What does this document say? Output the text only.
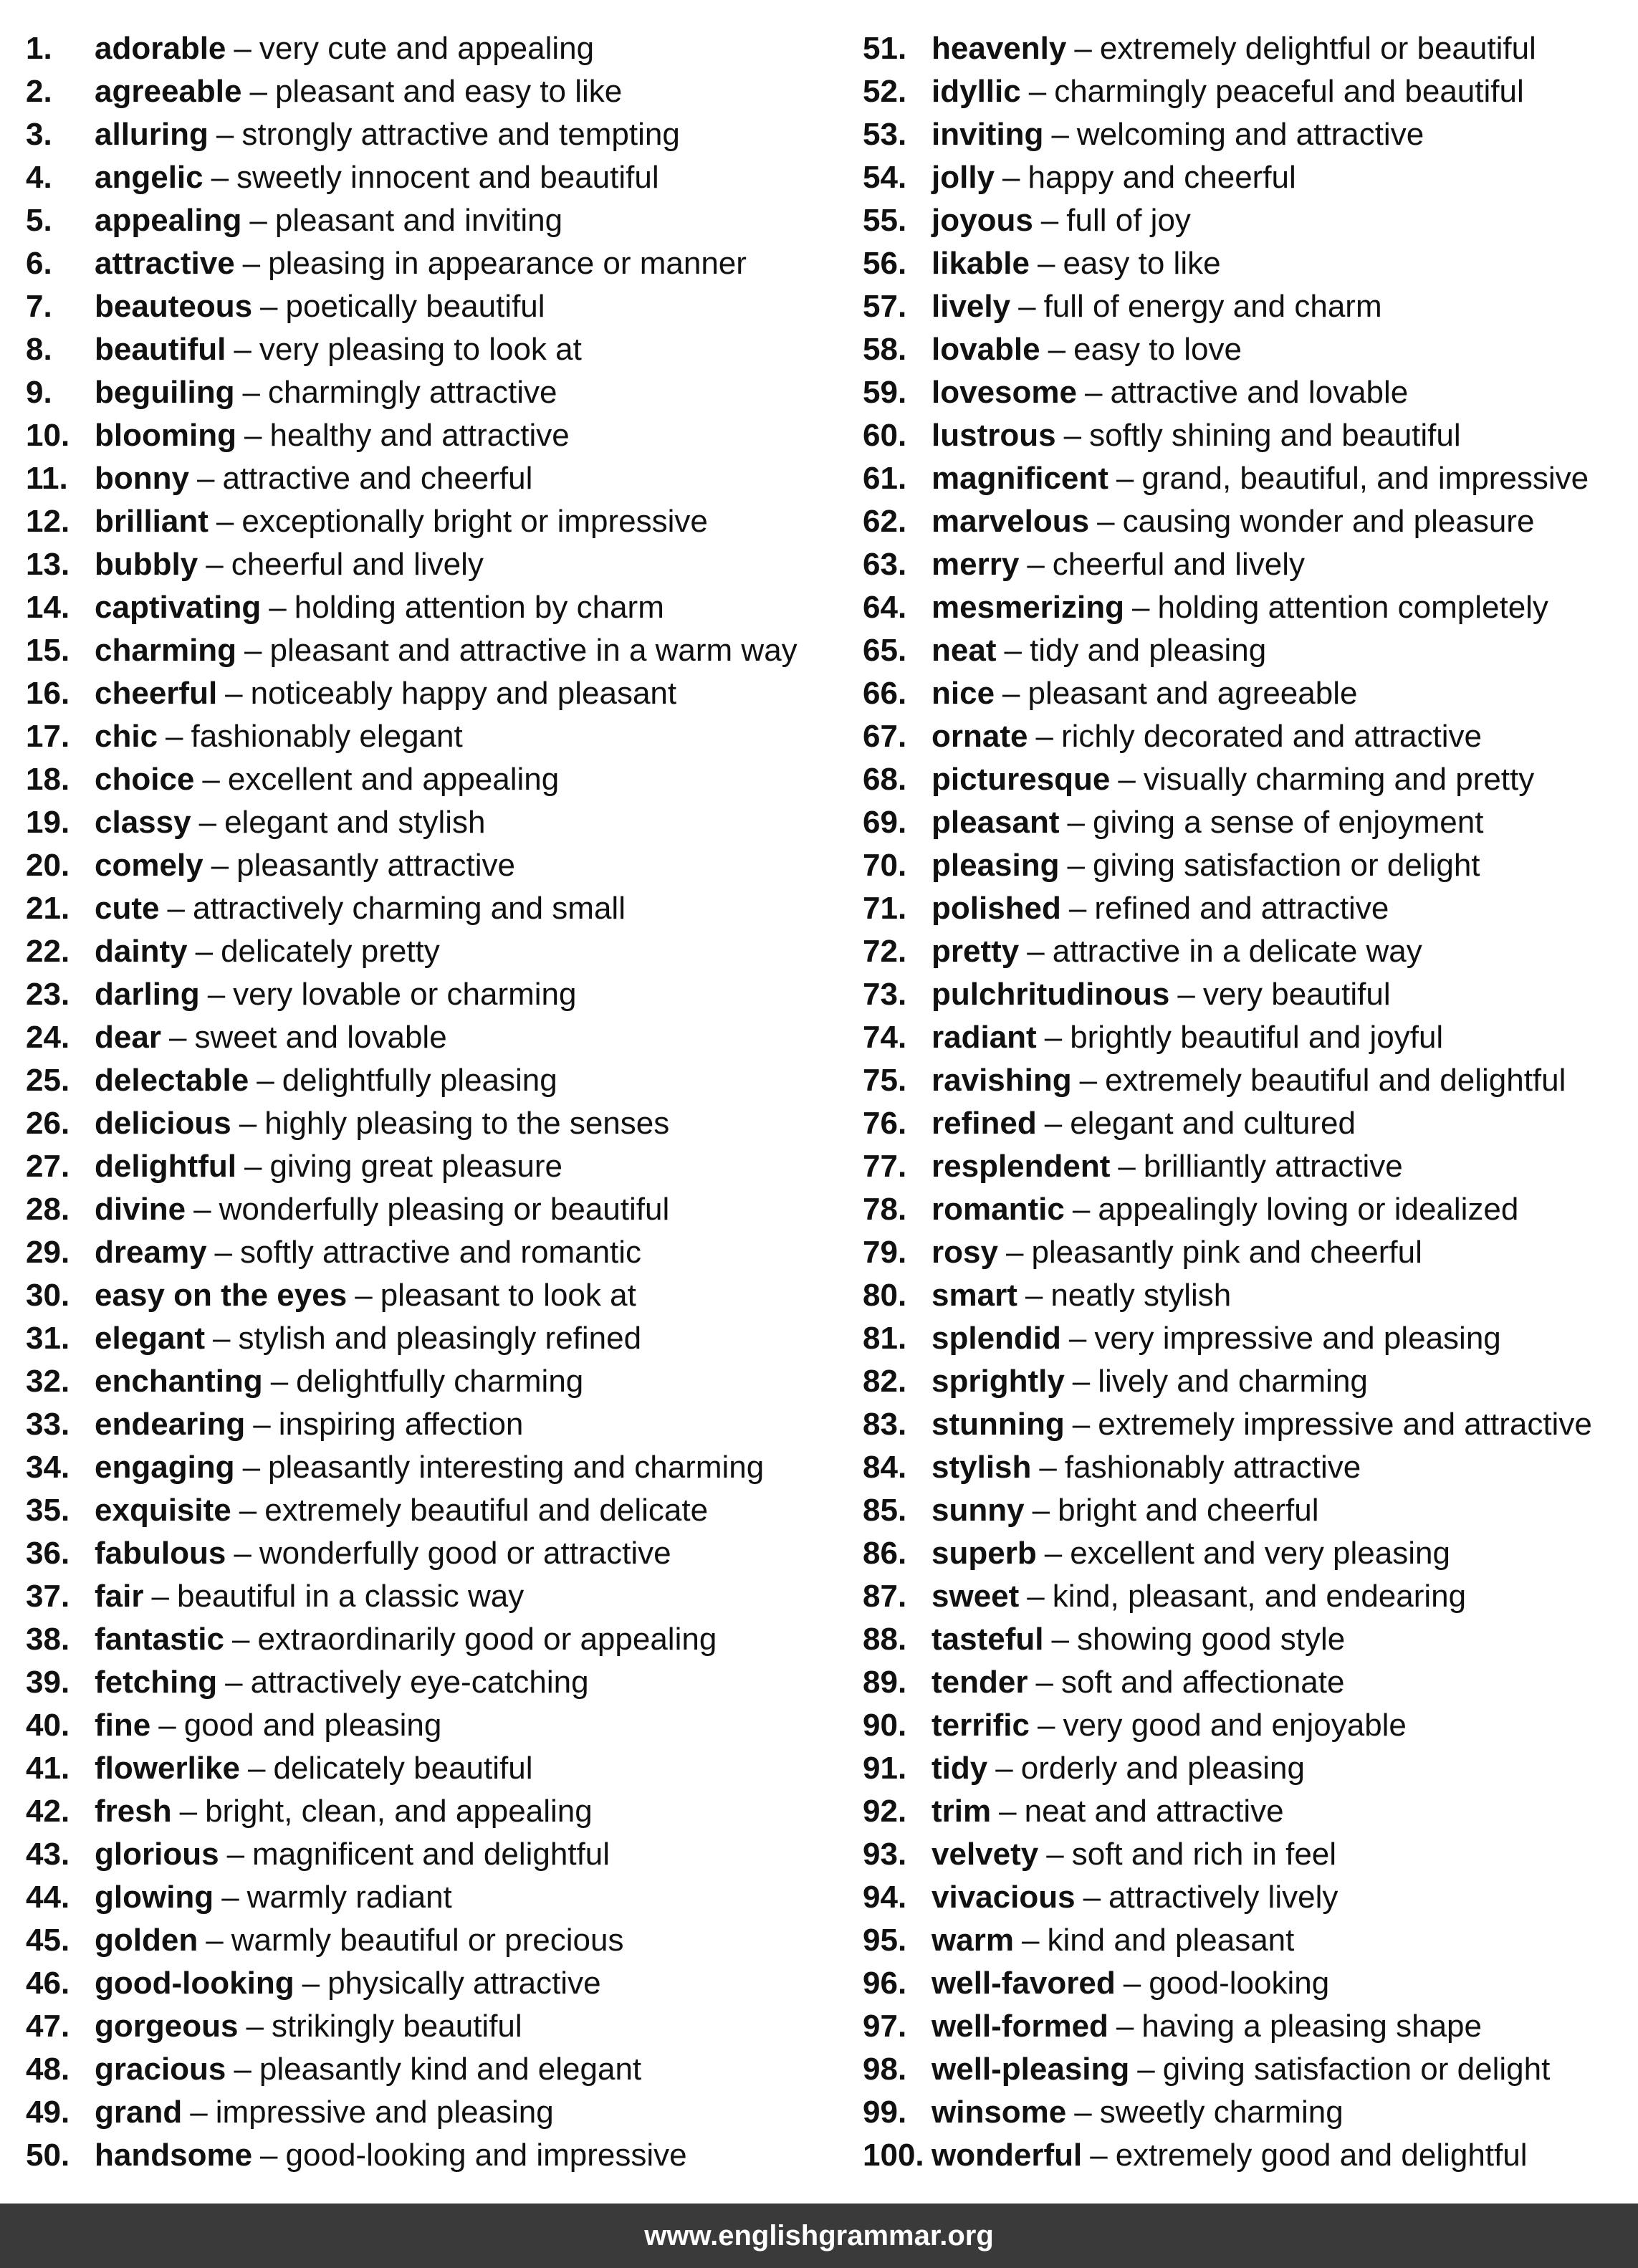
1.	adorable – very cute and appealing
2.	agreeable – pleasant and easy to like
3.	alluring – strongly attractive and tempting
4.	angelic – sweetly innocent and beautiful
5.	appealing – pleasant and inviting
6.	attractive – pleasing in appearance or manner
7.	beauteous – poetically beautiful
8.	beautiful – very pleasing to look at
9.	beguiling – charmingly attractive
10. blooming – healthy and attractive
11. bonny – attractive and cheerful
12. brilliant – exceptionally bright or impressive
13. bubbly – cheerful and lively
14. captivating – holding attention by charm
15. charming – pleasant and attractive in a warm way
16. cheerful – noticeably happy and pleasant
17. chic – fashionably elegant
18. choice – excellent and appealing
19. classy – elegant and stylish
20. comely – pleasantly attractive
21. cute – attractively charming and small
22. dainty – delicately pretty
23. darling – very lovable or charming
24. dear – sweet and lovable
25. delectable – delightfully pleasing
26. delicious – highly pleasing to the senses
27. delightful – giving great pleasure
28. divine – wonderfully pleasing or beautiful
29. dreamy – softly attractive and romantic
30. easy on the eyes – pleasant to look at
31. elegant – stylish and pleasingly refined
32. enchanting – delightfully charming
33. endearing – inspiring affection
34. engaging – pleasantly interesting and charming
35. exquisite – extremely beautiful and delicate
36. fabulous – wonderfully good or attractive
37. fair – beautiful in a classic way
38. fantastic – extraordinarily good or appealing
39. fetching – attractively eye-catching
40. fine – good and pleasing
41. flowerlike – delicately beautiful
42. fresh – bright, clean, and appealing
43. glorious – magnificent and delightful
44. glowing – warmly radiant
45. golden – warmly beautiful or precious
46. good-looking – physically attractive
47. gorgeous – strikingly beautiful
48. gracious – pleasantly kind and elegant
49. grand – impressive and pleasing
50. handsome – good-looking and impressive
51. heavenly – extremely delightful or beautiful
52. idyllic – charmingly peaceful and beautiful
53. inviting – welcoming and attractive
54. jolly – happy and cheerful
55. joyous – full of joy
56. likable – easy to like
57. lively – full of energy and charm
58. lovable – easy to love
59. lovesome – attractive and lovable
60. lustrous – softly shining and beautiful
61. magnificent – grand, beautiful, and impressive
62. marvelous – causing wonder and pleasure
63. merry – cheerful and lively
64. mesmerizing – holding attention completely
65. neat – tidy and pleasing
66. nice – pleasant and agreeable
67. ornate – richly decorated and attractive
68. picturesque – visually charming and pretty
69. pleasant – giving a sense of enjoyment
70. pleasing – giving satisfaction or delight
71. polished – refined and attractive
72. pretty – attractive in a delicate way
73. pulchritudinous – very beautiful
74. radiant – brightly beautiful and joyful
75. ravishing – extremely beautiful and delightful
76. refined – elegant and cultured
77. resplendent – brilliantly attractive
78. romantic – appealingly loving or idealized
79. rosy – pleasantly pink and cheerful
80. smart – neatly stylish
81. splendid – very impressive and pleasing
82. sprightly – lively and charming
83. stunning – extremely impressive and attractive
84. stylish – fashionably attractive
85. sunny – bright and cheerful
86. superb – excellent and very pleasing
87. sweet – kind, pleasant, and endearing
88. tasteful – showing good style
89. tender – soft and affectionate
90. terrific – very good and enjoyable
91. tidy – orderly and pleasing
92. trim – neat and attractive
93. velvety – soft and rich in feel
94. vivacious – attractively lively
95. warm – kind and pleasant
96. well-favored – good-looking
97. well-formed – having a pleasing shape
98. well-pleasing – giving satisfaction or delight
99. winsome – sweetly charming
100. wonderful – extremely good and delightful
www.englishgrammar.org
